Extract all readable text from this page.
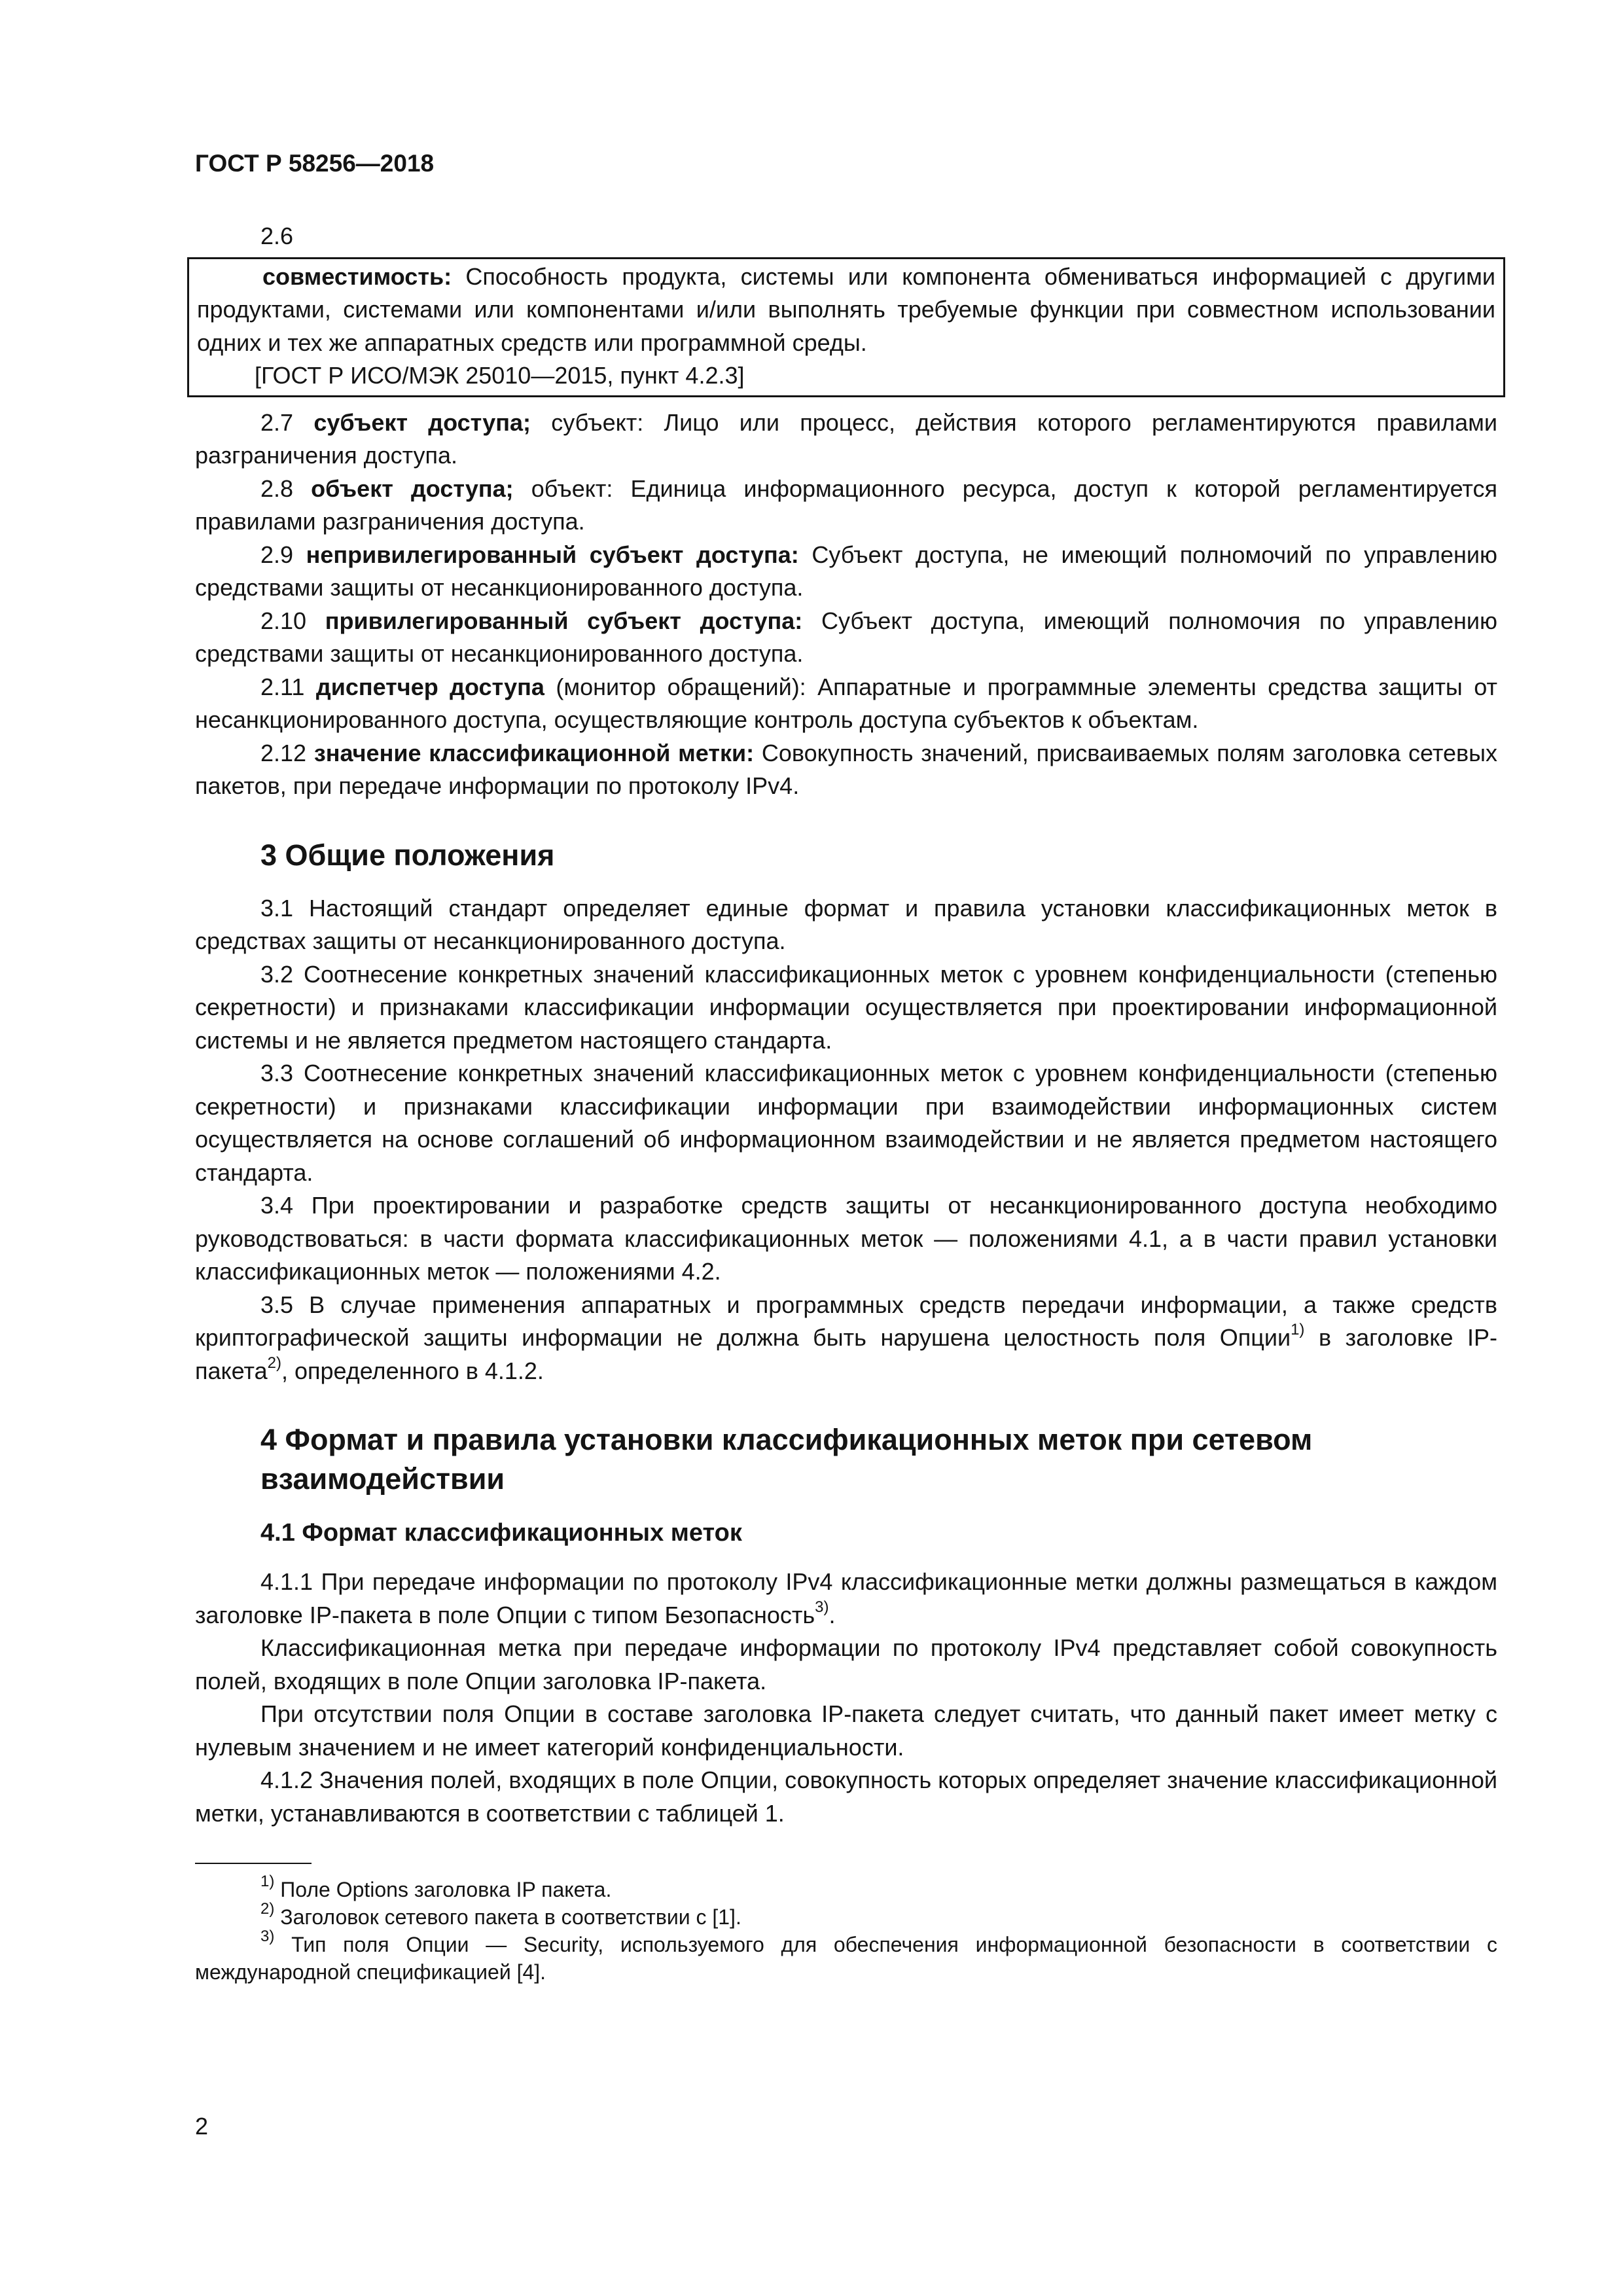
ГОСТ Р 58256—2018

2.6

совместимость: Способность продукта, системы или компонента обмениваться информацией с другими продуктами, системами или компонентами и/или выполнять требуемые функции при совместном использовании одних и тех же аппаратных средств или программной среды.

[ГОСТ Р ИСО/МЭК 25010—2015, пункт 4.2.3]

2.7 субъект доступа; субъект: Лицо или процесс, действия которого регламентируются правилами разграничения доступа.

2.8 объект доступа; объект: Единица информационного ресурса, доступ к которой регламентируется правилами разграничения доступа.

2.9 непривилегированный субъект доступа: Субъект доступа, не имеющий полномочий по управлению средствами защиты от несанкционированного доступа.

2.10 привилегированный субъект доступа: Субъект доступа, имеющий полномочия по управлению средствами защиты от несанкционированного доступа.

2.11 диспетчер доступа (монитор обращений): Аппаратные и программные элементы средства защиты от несанкционированного доступа, осуществляющие контроль доступа субъектов к объектам.

2.12 значение классификационной метки: Совокупность значений, присваиваемых полям заголовка сетевых пакетов, при передаче информации по протоколу IPv4.

3 Общие положения

3.1 Настоящий стандарт определяет единые формат и правила установки классификационных меток в средствах защиты от несанкционированного доступа.

3.2 Соотнесение конкретных значений классификационных меток с уровнем конфиденциальности (степенью секретности) и признаками классификации информации осуществляется при проектировании информационной системы и не является предметом настоящего стандарта.

3.3 Соотнесение конкретных значений классификационных меток с уровнем конфиденциальности (степенью секретности) и признаками классификации информации при взаимодействии информационных систем осуществляется на основе соглашений об информационном взаимодействии и не является предметом настоящего стандарта.

3.4 При проектировании и разработке средств защиты от несанкционированного доступа необходимо руководствоваться: в части формата классификационных меток — положениями 4.1, а в части правил установки классификационных меток — положениями 4.2.

3.5 В случае применения аппаратных и программных средств передачи информации, а также средств криптографической защиты информации не должна быть нарушена целостность поля Опции$^{1)}$ в заголовке IP-пакета$^{2)}$, определенного в 4.1.2.

4 Формат и правила установки классификационных меток при сетевом взаимодействии
4.1 Формат классификационных меток

4.1.1 При передаче информации по протоколу IPv4 классификационные метки должны размещаться в каждом заголовке IP-пакета в поле Опции с типом Безопасность$^{3)}$.

Классификационная метка при передаче информации по протоколу IPv4 представляет собой совокупность полей, входящих в поле Опции заголовка IP-пакета.

При отсутствии поля Опции в составе заголовка IP-пакета следует считать, что данный пакет имеет метку с нулевым значением и не имеет категорий конфиденциальности.

4.1.2 Значения полей, входящих в поле Опции, совокупность которых определяет значение классификационной метки, устанавливаются в соответствии с таблицей 1.

$^{1)}$ Поле Options заголовка IP пакета.

$^{2)}$ Заголовок сетевого пакета в соответствии с [1].

$^{3)}$ Тип поля Опции — Security, используемого для обеспечения информационной безопасности в соответствии с международной спецификацией [4].

2
